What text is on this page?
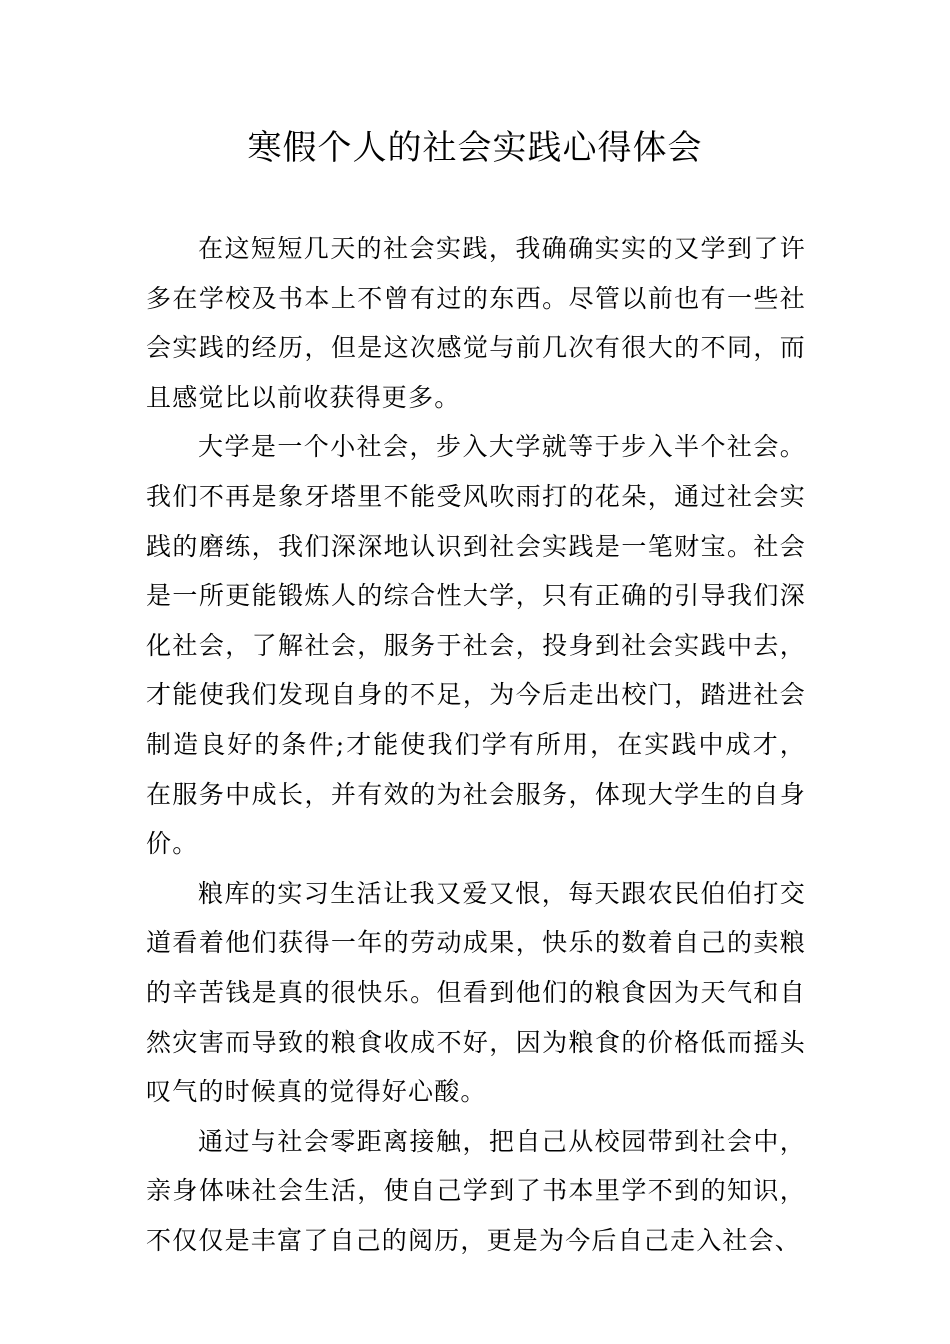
寒假个人的社会实践心得体会

在这短短几天的社会实践，我确确实实的又学到了许多在学校及书本上不曾有过的东西。尽管以前也有一些社会实践的经历，但是这次感觉与前几次有很大的不同，而且感觉比以前收获得更多。

大学是一个小社会，步入大学就等于步入半个社会。我们不再是象牙塔里不能受风吹雨打的花朵，通过社会实践的磨练，我们深深地认识到社会实践是一笔财宝。社会是一所更能锻炼人的综合性大学，只有正确的引导我们深化社会，了解社会，服务于社会，投身到社会实践中去，才能使我们发现自身的不足，为今后走出校门，踏进社会制造良好的条件;才能使我们学有所用，在实践中成才，在服务中成长，并有效的为社会服务，体现大学生的自身价。

粮库的实习生活让我又爱又恨，每天跟农民伯伯打交道看着他们获得一年的劳动成果，快乐的数着自己的卖粮的辛苦钱是真的很快乐。但看到他们的粮食因为天气和自然灾害而导致的粮食收成不好，因为粮食的价格低而摇头叹气的时候真的觉得好心酸。

通过与社会零距离接触，把自己从校园带到社会中，亲身体味社会生活，使自己学到了书本里学不到的知识，不仅仅是丰富了自己的阅历，更是为今后自己走入社会、
